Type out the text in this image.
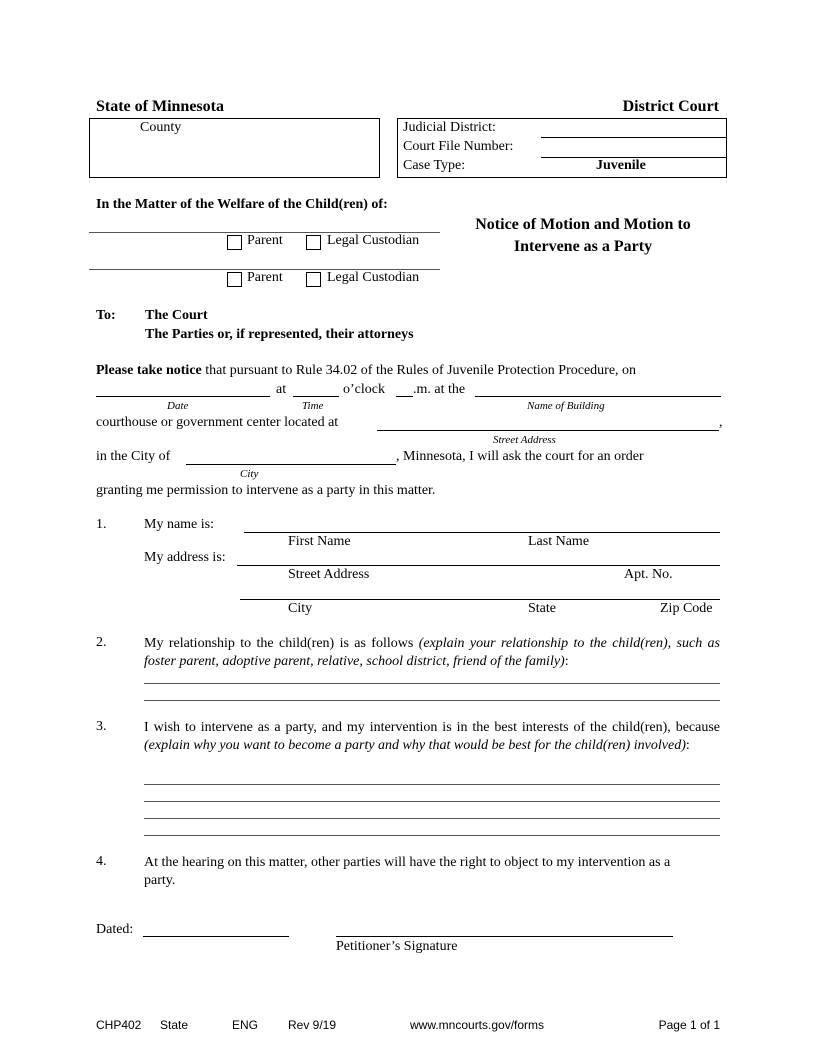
State of Minnesota	District Court
County	Judicial District:
Court File Number:
Case Type:	Juvenile
In the Matter of the Welfare of the Child(ren) of:
Notice of Motion and Motion to
Intervene as a Party
Parent	Legal Custodian
Parent	Legal Custodian
To: The Court
The Parties or, if represented, their attorneys
Please take notice that pursuant to Rule 34.02 of the Rules of Juvenile Protection Procedure, on
at	o’clock .m. at the
Date	Time	Name of Building
courthouse or government center located at	,
Street Address
in the City of	, Minnesota, I will ask the court for an order
City
granting me permission to intervene as a party in this matter.
1.	My name is:
First Name	Last Name
My address is:
Street Address	Apt. No.
City	State	Zip Code
2.	My relationship to the child(ren) is as follows (explain your relationship to the child(ren), such as foster parent, adoptive parent, relative, school district, friend of the family):
3.	I wish to intervene as a party, and my intervention is in the best interests of the child(ren), because (explain why you want to become a party and why that would be best for the child(ren) involved):
4.	At the hearing on this matter, other parties will have the right to object to my intervention as a party.
Dated:
Petitioner’s Signature
CHP402 State	ENG Rev 9/19	www.mncourts.gov/forms	Page 1 of 1
